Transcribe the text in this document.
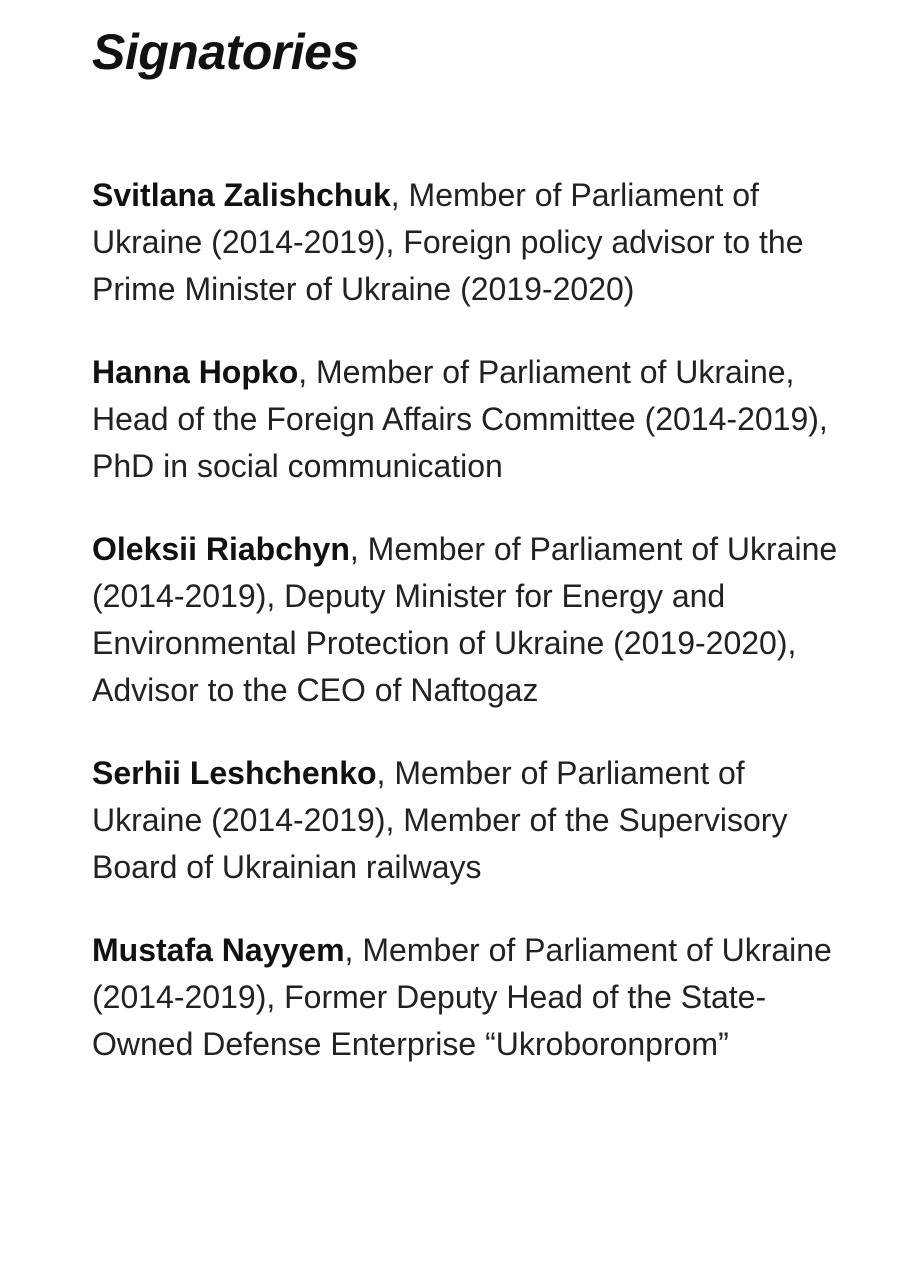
Signatories
Svitlana Zalishchuk, Member of Parliament of Ukraine (2014-2019), Foreign policy advisor to the Prime Minister of Ukraine (2019-2020)
Hanna Hopko, Member of Parliament of Ukraine, Head of the Foreign Affairs Committee (2014-2019), PhD in social communication
Oleksii Riabchyn, Member of Parliament of Ukraine (2014-2019), Deputy Minister for Energy and Environmental Protection of Ukraine (2019-2020), Advisor to the CEO of Naftogaz
Serhii Leshchenko, Member of Parliament of Ukraine (2014-2019), Member of the Supervisory Board of Ukrainian railways
Mustafa Nayyem, Member of Parliament of Ukraine (2014-2019), Former Deputy Head of the State-Owned Defense Enterprise “Ukroboronprom”
